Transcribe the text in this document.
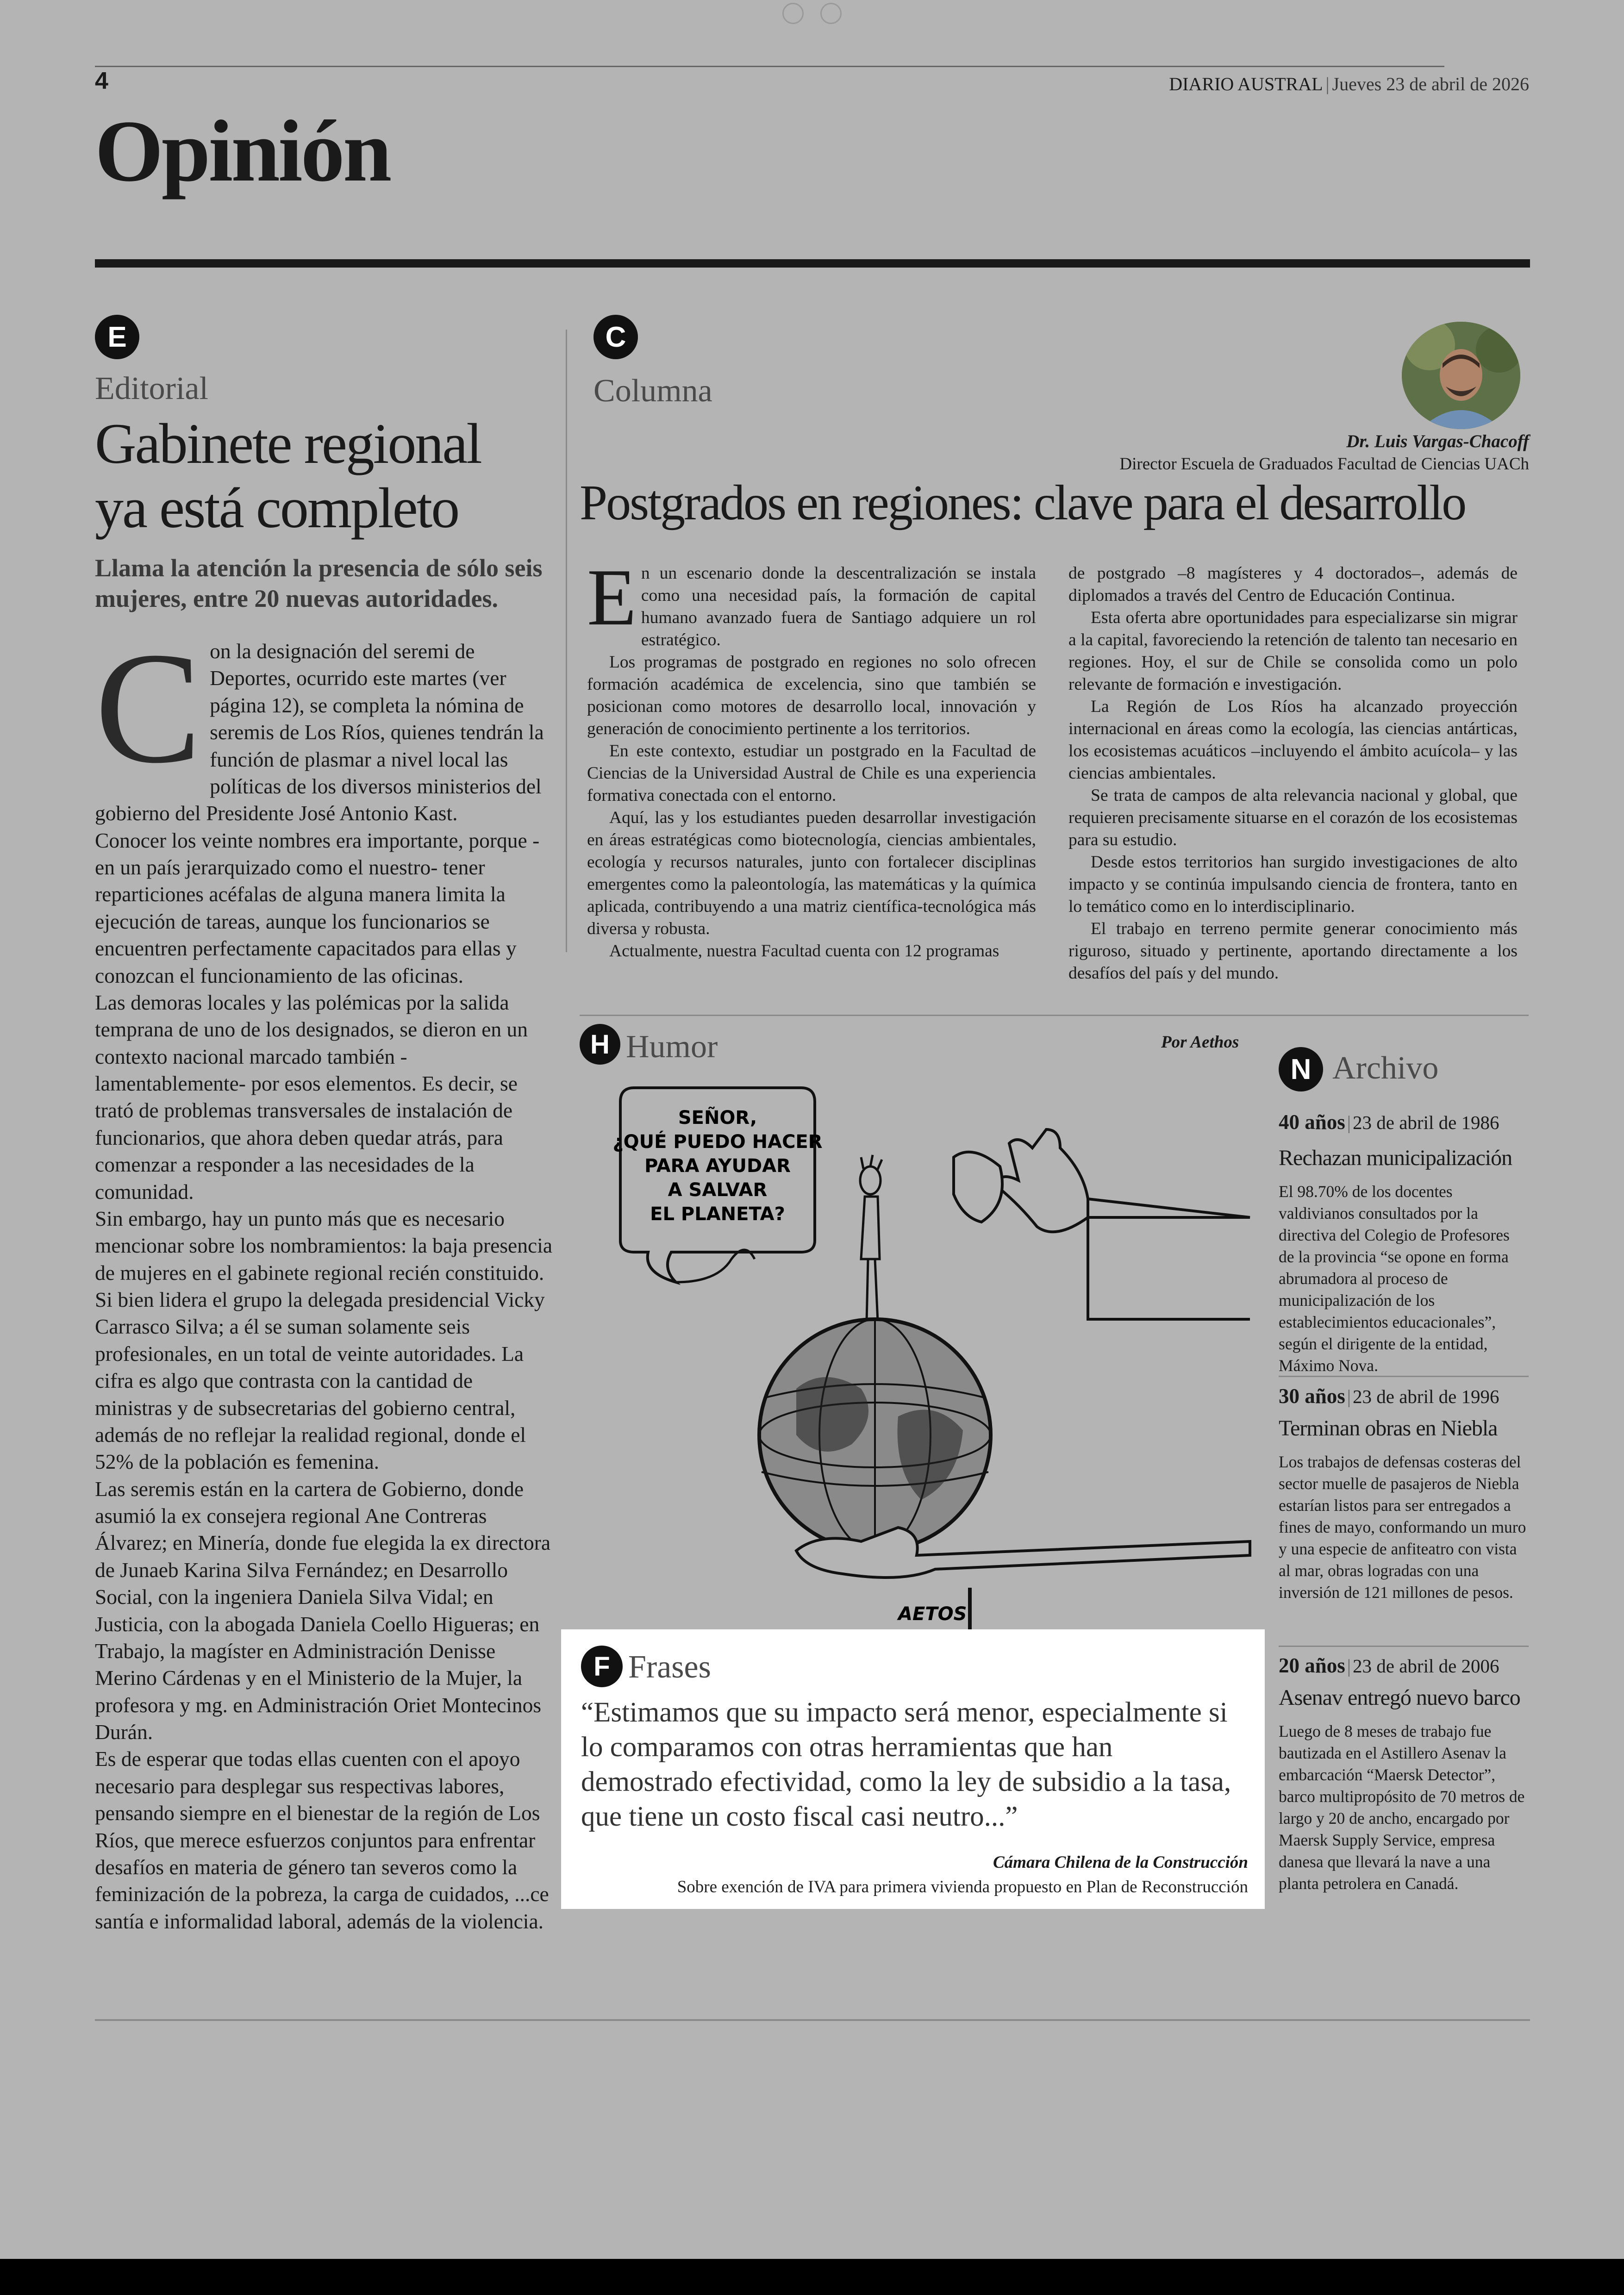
4	DIARIO AUSTRAL | Jueves 23 de abril de 2026
Opinión
E
Editorial
Gabinete regional
ya está completo
Llama la atención la presencia de sólo seis mujeres, entre 20 nuevas autoridades.
C on la designación del seremi de Deportes, ocurrido este martes (ver página 12), se completa la nómina de seremis de Los Ríos, quienes tendrán la función de plasmar a nivel local las políticas de los diversos ministerios del gobierno del Presidente José Antonio Kast.

Conocer los veinte nombres era importante, porque -en un país jerarquizado como el nuestro- tener reparticiones acéfalas de alguna manera limita la ejecución de tareas, aunque los funcionarios se encuentren perfectamente capacitados para ellas y conozcan el funcionamiento de las oficinas.

Las demoras locales y las polémicas por la salida temprana de uno de los designados, se dieron en un contexto nacional marcado también -lamentablemente- por esos elementos. Es decir, se trató de problemas transversales de instalación de funcionarios, que ahora deben quedar atrás, para comenzar a responder a las necesidades de la comunidad.

Sin embargo, hay un punto más que es necesario mencionar sobre los nombramientos: la baja presencia de mujeres en el gabinete regional recién constituido. Si bien lidera el grupo la delegada presidencial Vicky Carrasco Silva; a él se suman solamente seis profesionales, en un total de veinte autoridades. La cifra es algo que contrasta con la cantidad de ministras y de subsecretarias del gobierno central, además de no reflejar la realidad regional, donde el 52% de la población es femenina.

Las seremis están en la cartera de Gobierno, donde asumió la ex consejera regional Ane Contreras Álvarez; en Minería, donde fue elegida la ex directora de Junaeb Karina Silva Fernández; en Desarrollo Social, con la ingeniera Daniela Silva Vidal; en Justicia, con la abogada Daniela Coello Higueras; en Trabajo, la magíster en Administración Denisse Merino Cárdenas y en el Ministerio de la Mujer, la profesora y mg. en Administración Oriet Montecinos Durán.

Es de esperar que todas ellas cuenten con el apoyo necesario para desplegar sus respectivas labores, pensando siempre en el bienestar de la región de Los Ríos, que merece esfuerzos conjuntos para enfrentar desafíos en materia de género tan severos como la feminización de la pobreza, la carga de cuidados, ...ce santía e informalidad laboral, además de la violencia.

C
Columna
Dr. Luis Vargas-Chacoff
Director Escuela de Graduados Facultad de Ciencias UACh
Postgrados en regiones: clave para el desarrollo
E n un escenario donde la descentralización se instala como una necesidad país, la formación de capital humano avanzado fuera de Santiago adquiere un rol estratégico.

Los programas de postgrado en regiones no solo ofrecen formación académica de excelencia, sino que también se posicionan como motores de desarrollo local, innovación y generación de conocimiento pertinente a los territorios.

En este contexto, estudiar un postgrado en la Facultad de Ciencias de la Universidad Austral de Chile es una experiencia formativa conectada con el entorno.

Aquí, las y los estudiantes pueden desarrollar investigación en áreas estratégicas como biotecnología, ciencias ambientales, ecología y recursos naturales, junto con fortalecer disciplinas emergentes como la paleontología, las matemáticas y la química aplicada, contribuyendo a una matriz científica-tecnológica más diversa y robusta.

Actualmente, nuestra Facultad cuenta con 12 programas

de postgrado –8 magísteres y 4 doctorados–, además de diplomados a través del Centro de Educación Continua.

Esta oferta abre oportunidades para especializarse sin migrar a la capital, favoreciendo la retención de talento tan necesario en regiones. Hoy, el sur de Chile se consolida como un polo relevante de formación e investigación.

La Región de Los Ríos ha alcanzado proyección internacional en áreas como la ecología, las ciencias antárticas, los ecosistemas acuáticos –incluyendo el ámbito acuícola– y las ciencias ambientales.

Se trata de campos de alta relevancia nacional y global, que requieren precisamente situarse en el corazón de los ecosistemas para su estudio.

Desde estos territorios han surgido investigaciones de alto impacto y se continúa impulsando ciencia de frontera, tanto en lo temático como en lo interdisciplinario.

El trabajo en terreno permite generar conocimiento más riguroso, situado y pertinente, aportando directamente a los desafíos del país y del mundo.

H Humor	Por Aethos
SEÑOR,
¿QUÉ PUEDO HACER
PARA AYUDAR
A SALVAR
EL PLANETA?
AETOS
F Frases
“Estimamos que su impacto será menor, especialmente si lo comparamos con otras herramientas que han demostrado efectividad, como la ley de subsidio a la tasa, que tiene un costo fiscal casi neutro...”
Cámara Chilena de la Construcción
Sobre exención de IVA para primera vivienda propuesto en Plan de Reconstrucción
N Archivo
40 años|23 de abril de 1986
Rechazan municipalización
El 98.70% de los docentes valdivianos consultados por la directiva del Colegio de Profesores de la provincia “se opone en forma abrumadora al proceso de municipalización de los establecimientos educacionales”, según el dirigente de la entidad, Máximo Nova.
30 años|23 de abril de 1996
Terminan obras en Niebla
Los trabajos de defensas costeras del sector muelle de pasajeros de Niebla estarían listos para ser entregados a fines de mayo, conformando un muro y una especie de anfiteatro con vista al mar, obras logradas con una inversión de 121 millones de pesos.
20 años|23 de abril de 2006
Asenav entregó nuevo barco
Luego de 8 meses de trabajo fue bautizada en el Astillero Asenav la embarcación “Maersk Detector”, barco multipropósito de 70 metros de largo y 20 de ancho, encargado por Maersk Supply Service, empresa danesa que llevará la nave a una planta petrolera en Canadá.
